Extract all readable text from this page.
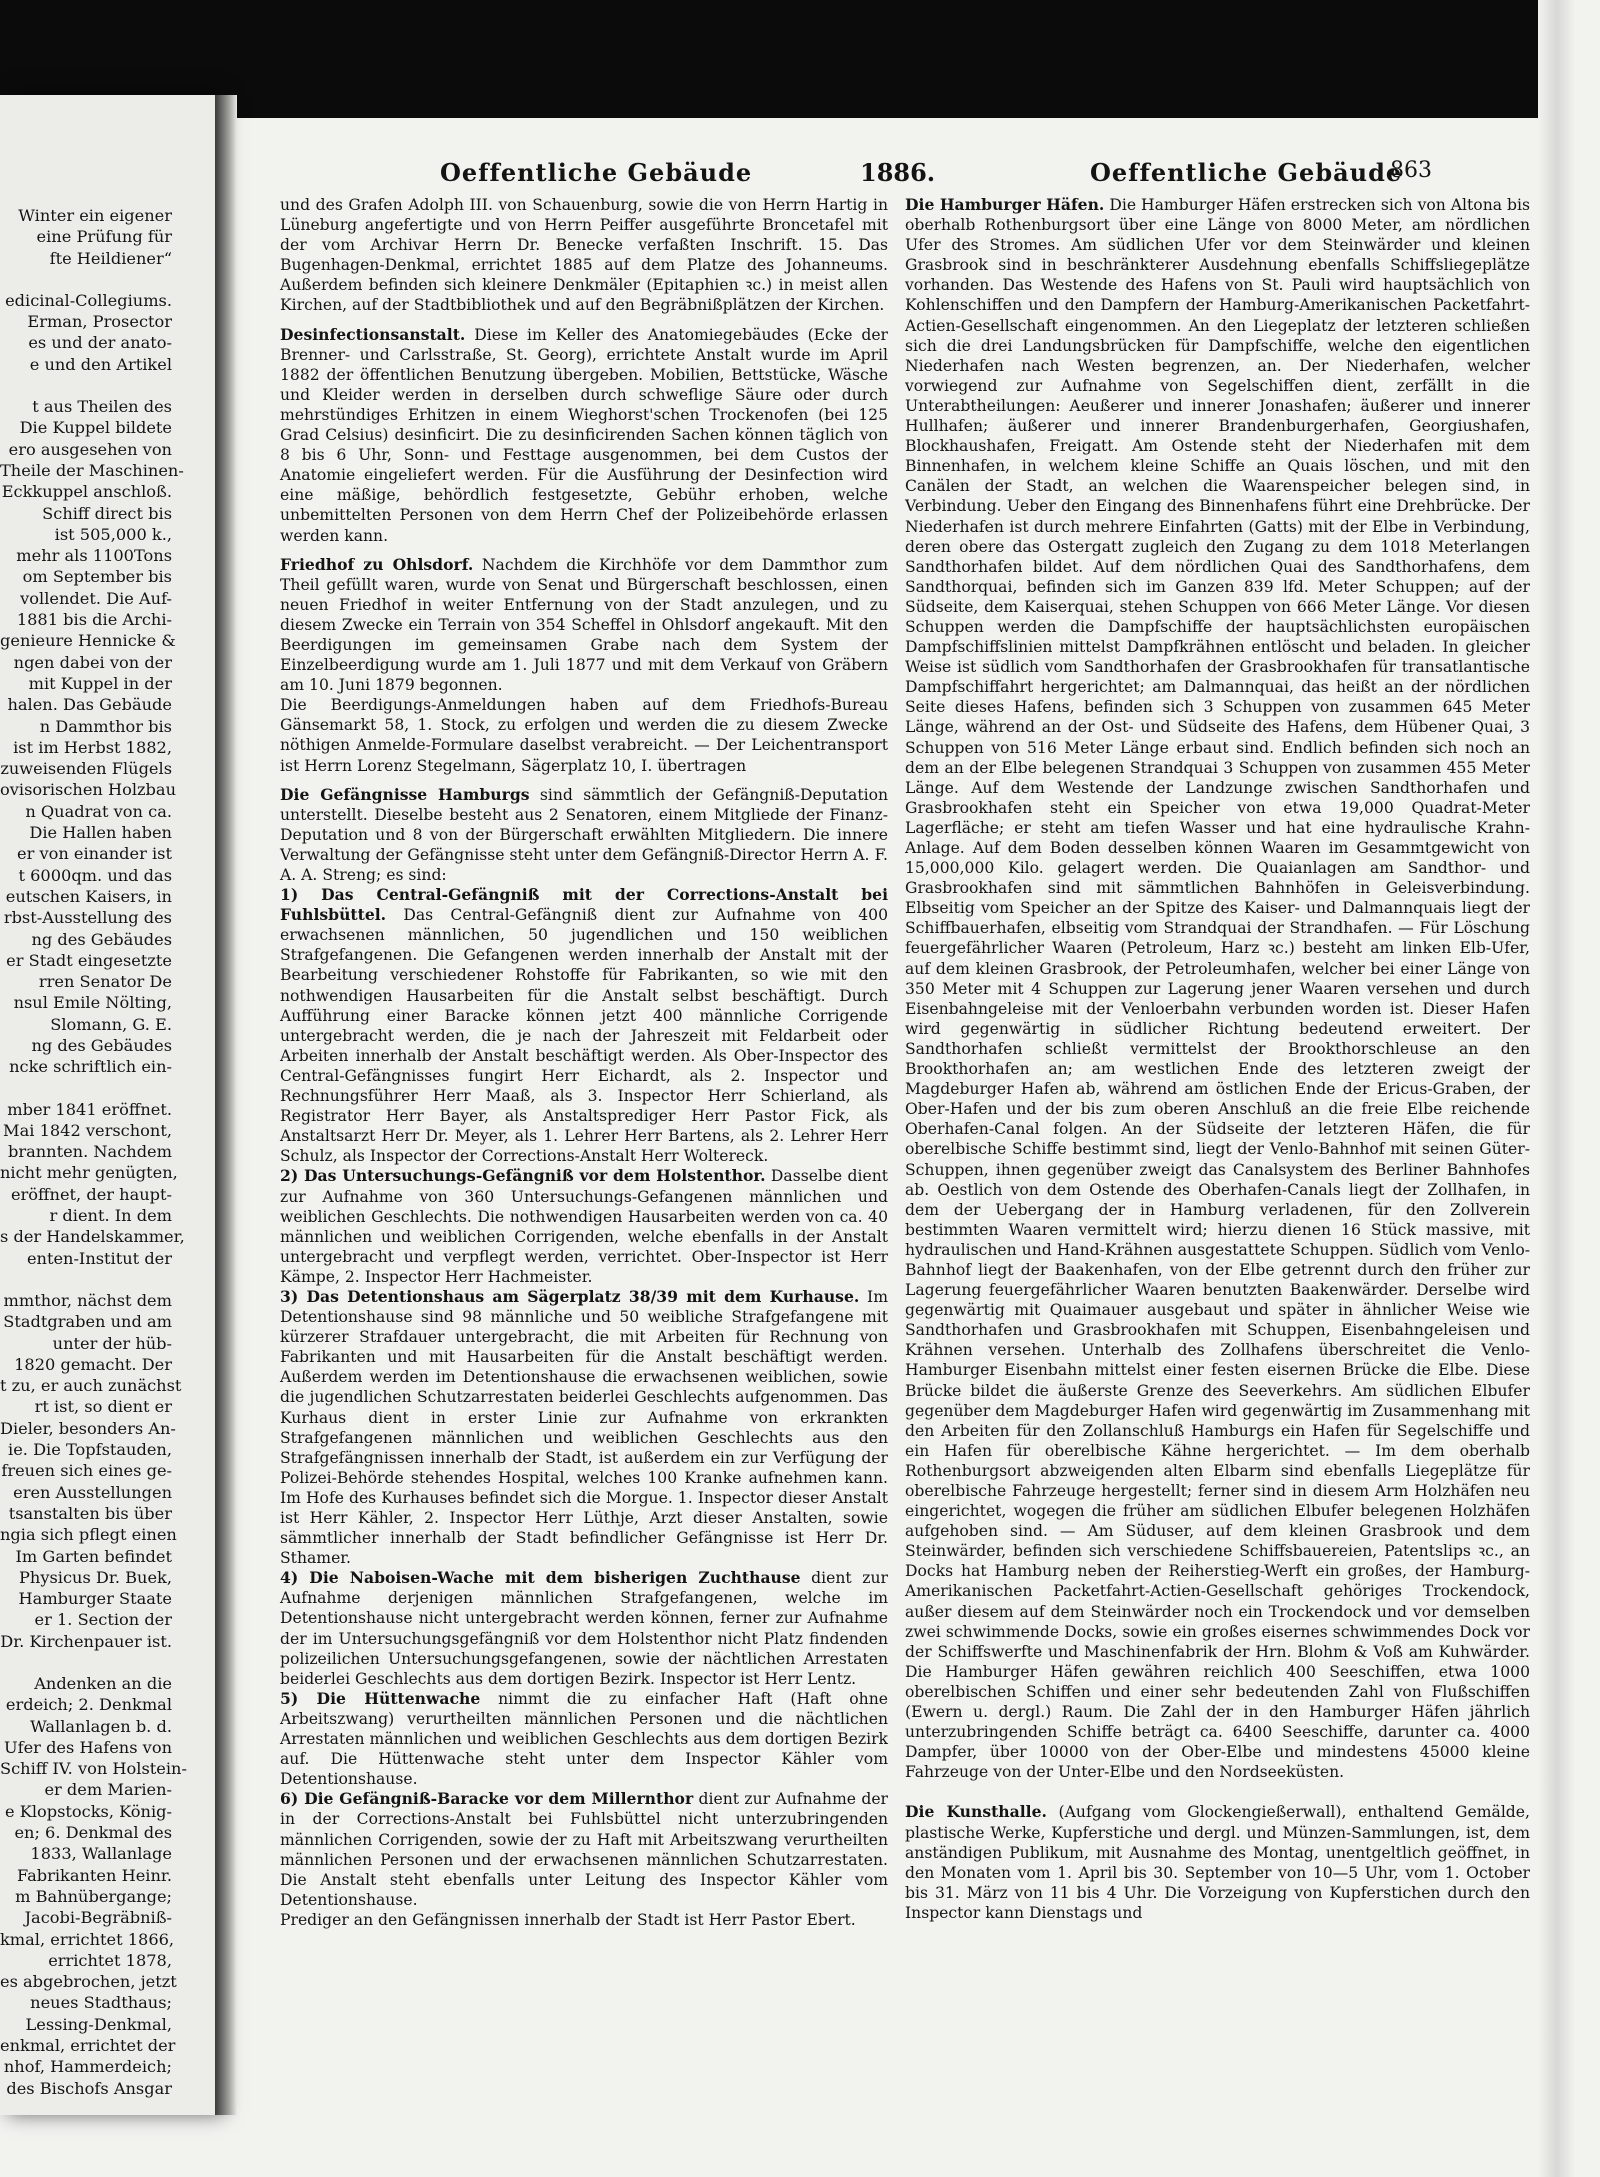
Winter ein eigener
eine Prüfung für
fte Heildiener“
edicinal-Collegiums.
Erman, Prosector
es und der anato-
e und den Artikel
t aus Theilen des
Die Kuppel bildete
ero ausgesehen von
Theile der Maschinen-
Eckkuppel anschloß.
Schiff direct bis
ist 505,000 k.,
mehr als 1100Tons
om September bis
vollendet. Die Auf-
1881 bis die Archi-
genieure Hennicke &
ngen dabei von der
mit Kuppel in der
halen. Das Gebäude
n Dammthor bis
ist im Herbst 1882,
zuweisenden Flügels
ovisorischen Holzbau
n Quadrat von ca.
Die Hallen haben
er von einander ist
t 6000qm. und das
eutschen Kaisers, in
rbst-Ausstellung des
ng des Gebäudes
er Stadt eingesetzte
rren Senator De
nsul Emile Nölting,
Slomann, G. E.
ng des Gebäudes
ncke schriftlich ein-
mber 1841 eröffnet.
Mai 1842 verschont,
brannten. Nachdem
nicht mehr genügten,
eröffnet, der haupt-
r dient. In dem
s der Handelskammer,
enten-Institut der
mmthor, nächst dem
Stadtgraben und am
unter der hüb-
1820 gemacht. Der
t zu, er auch zunächst
rt ist, so dient er
Dieler, besonders An-
ie. Die Topfstauden,
freuen sich eines ge-
eren Ausstellungen
tsanstalten bis über
ngia sich pflegt einen
Im Garten befindet
Physicus Dr. Buek,
Hamburger Staate
er 1. Section der
Dr. Kirchenpauer ist.
Andenken an die
erdeich; 2. Denkmal
Wallanlagen b. d.
Ufer des Hafens von
Schiff IV. von Holstein-
er dem Marien-
e Klopstocks, König-
en; 6. Denkmal des
1833, Wallanlage
Fabrikanten Heinr.
m Bahnübergange;
Jacobi-Begräbniß-
kmal, errichtet 1866,
errichtet 1878,
es abgebrochen, jetzt
neues Stadthaus;
Lessing-Denkmal,
enkmal, errichtet der
nhof, Hammerdeich;
des Bischofs Ansgar
Oeffentliche Gebäude	1886.	Oeffentliche Gebäude
863

und des Grafen Adolph III. von Schauenburg, sowie die von Herrn Hartig in Lüneburg angefertigte und von Herrn Peiffer ausgeführte Broncetafel mit der vom Archivar Herrn Dr. Benecke verfaßten Inschrift. 15. Das Bugenhagen-Denkmal, errichtet 1885 auf dem Platze des Johanneums. Außerdem befinden sich kleinere Denkmäler (Epitaphien ꝛc.) in meist allen Kirchen, auf der Stadtbibliothek und auf den Begräbnißplätzen der Kirchen.

Desinfectionsanstalt. Diese im Keller des Anatomiegebäudes (Ecke der Brenner- und Carlsstraße, St. Georg), errichtete Anstalt wurde im April 1882 der öffentlichen Benutzung übergeben. Mobilien, Bettstücke, Wäsche und Kleider werden in derselben durch schweflige Säure oder durch mehrstündiges Erhitzen in einem Wieghorst'schen Trockenofen (bei 125 Grad Celsius) desinficirt. Die zu desinficirenden Sachen können täglich von 8 bis 6 Uhr, Sonn- und Festtage ausgenommen, bei dem Custos der Anatomie eingeliefert werden. Für die Ausführung der Desinfection wird eine mäßige, behördlich festgesetzte, Gebühr erhoben, welche unbemittelten Personen von dem Herrn Chef der Polizeibehörde erlassen werden kann.

Friedhof zu Ohlsdorf. Nachdem die Kirchhöfe vor dem Dammthor zum Theil gefüllt waren, wurde von Senat und Bürgerschaft beschlossen, einen neuen Friedhof in weiter Entfernung von der Stadt anzulegen, und zu diesem Zwecke ein Terrain von 354 Scheffel in Ohlsdorf angekauft. Mit den Beerdigungen im gemeinsamen Grabe nach dem System der Einzelbeerdigung wurde am 1. Juli 1877 und mit dem Verkauf von Gräbern am 10. Juni 1879 begonnen.

Die Beerdigungs-Anmeldungen haben auf dem Friedhofs-Bureau Gänsemarkt 58, 1. Stock, zu erfolgen und werden die zu diesem Zwecke nöthigen Anmelde-Formulare daselbst verabreicht. — Der Leichentransport ist Herrn Lorenz Stegelmann, Sägerplatz 10, I. übertragen

Die Gefängnisse Hamburgs sind sämmtlich der Gefängniß-Deputation unterstellt. Dieselbe besteht aus 2 Senatoren, einem Mitgliede der Finanz-Deputation und 8 von der Bürgerschaft erwählten Mitgliedern. Die innere Verwaltung der Gefängnisse steht unter dem Gefängniß-Director Herrn A. F. A. A. Streng; es sind:

1) Das Central-Gefängniß mit der Corrections-Anstalt bei Fuhlsbüttel. Das Central-Gefängniß dient zur Aufnahme von 400 erwachsenen männlichen, 50 jugendlichen und 150 weiblichen Strafgefangenen. Die Gefangenen werden innerhalb der Anstalt mit der Bearbeitung verschiedener Rohstoffe für Fabrikanten, so wie mit den nothwendigen Hausarbeiten für die Anstalt selbst beschäftigt. Durch Aufführung einer Baracke können jetzt 400 männliche Corrigende untergebracht werden, die je nach der Jahreszeit mit Feldarbeit oder Arbeiten innerhalb der Anstalt beschäftigt werden. Als Ober-Inspector des Central-Gefängnisses fungirt Herr Eichardt, als 2. Inspector und Rechnungsführer Herr Maaß, als 3. Inspector Herr Schierland, als Registrator Herr Bayer, als Anstaltsprediger Herr Pastor Fick, als Anstaltsarzt Herr Dr. Meyer, als 1. Lehrer Herr Bartens, als 2. Lehrer Herr Schulz, als Inspector der Corrections-Anstalt Herr Woltereck.

2) Das Untersuchungs-Gefängniß vor dem Holstenthor. Dasselbe dient zur Aufnahme von 360 Untersuchungs-Gefangenen männlichen und weiblichen Geschlechts. Die nothwendigen Hausarbeiten werden von ca. 40 männlichen und weiblichen Corrigenden, welche ebenfalls in der Anstalt untergebracht und verpflegt werden, verrichtet. Ober-Inspector ist Herr Kämpe, 2. Inspector Herr Hachmeister.

3) Das Detentionshaus am Sägerplatz 38/39 mit dem Kurhause. Im Detentionshause sind 98 männliche und 50 weibliche Strafgefangene mit kürzerer Strafdauer untergebracht, die mit Arbeiten für Rechnung von Fabrikanten und mit Hausarbeiten für die Anstalt beschäftigt werden. Außerdem werden im Detentionshause die erwachsenen weiblichen, sowie die jugendlichen Schutzarrestaten beiderlei Geschlechts aufgenommen. Das Kurhaus dient in erster Linie zur Aufnahme von erkrankten Strafgefangenen männlichen und weiblichen Geschlechts aus den Strafgefängnissen innerhalb der Stadt, ist außerdem ein zur Verfügung der Polizei-Behörde stehendes Hospital, welches 100 Kranke aufnehmen kann. Im Hofe des Kurhauses befindet sich die Morgue. 1. Inspector dieser Anstalt ist Herr Kähler, 2. Inspector Herr Lüthje, Arzt dieser Anstalten, sowie sämmtlicher innerhalb der Stadt befindlicher Gefängnisse ist Herr Dr. Sthamer.

4) Die Naboisen-Wache mit dem bisherigen Zuchthause dient zur Aufnahme derjenigen männlichen Strafgefangenen, welche im Detentionshause nicht untergebracht werden können, ferner zur Aufnahme der im Untersuchungsgefängniß vor dem Holstenthor nicht Platz findenden polizeilichen Untersuchungsgefangenen, sowie der nächtlichen Arrestaten beiderlei Geschlechts aus dem dortigen Bezirk. Inspector ist Herr Lentz.

5) Die Hüttenwache nimmt die zu einfacher Haft (Haft ohne Arbeitszwang) verurtheilten männlichen Personen und die nächtlichen Arrestaten männlichen und weiblichen Geschlechts aus dem dortigen Bezirk auf. Die Hüttenwache steht unter dem Inspector Kähler vom Detentionshause.

6) Die Gefängniß-Baracke vor dem Millernthor dient zur Aufnahme der in der Corrections-Anstalt bei Fuhlsbüttel nicht unterzubringenden männlichen Corrigenden, sowie der zu Haft mit Arbeitszwang verurtheilten männlichen Personen und der erwachsenen männlichen Schutzarrestaten. Die Anstalt steht ebenfalls unter Leitung des Inspector Kähler vom Detentionshause.

Prediger an den Gefängnissen innerhalb der Stadt ist Herr Pastor Ebert.

Die Hamburger Häfen. Die Hamburger Häfen erstrecken sich von Altona bis oberhalb Rothenburgsort über eine Länge von 8000 Meter, am nördlichen Ufer des Stromes. Am südlichen Ufer vor dem Steinwärder und kleinen Grasbrook sind in beschränkterer Ausdehnung ebenfalls Schiffsliegeplätze vorhanden. Das Westende des Hafens von St. Pauli wird hauptsächlich von Kohlenschiffen und den Dampfern der Hamburg-Amerikanischen Packetfahrt-Actien-Gesellschaft eingenommen. An den Liegeplatz der letzteren schließen sich die drei Landungsbrücken für Dampfschiffe, welche den eigentlichen Niederhafen nach Westen begrenzen, an. Der Niederhafen, welcher vorwiegend zur Aufnahme von Segelschiffen dient, zerfällt in die Unterabtheilungen: Aeußerer und innerer Jonashafen; äußerer und innerer Hullhafen; äußerer und innerer Brandenburgerhafen, Georgiushafen, Blockhaushafen, Freigatt. Am Ostende steht der Niederhafen mit dem Binnenhafen, in welchem kleine Schiffe an Quais löschen, und mit den Canälen der Stadt, an welchen die Waarenspeicher belegen sind, in Verbindung. Ueber den Eingang des Binnenhafens führt eine Drehbrücke. Der Niederhafen ist durch mehrere Einfahrten (Gatts) mit der Elbe in Verbindung, deren obere das Ostergatt zugleich den Zugang zu dem 1018 Meterlangen Sandthorhafen bildet. Auf dem nördlichen Quai des Sandthorhafens, dem Sandthorquai, befinden sich im Ganzen 839 lfd. Meter Schuppen; auf der Südseite, dem Kaiserquai, stehen Schuppen von 666 Meter Länge. Vor diesen Schuppen werden die Dampfschiffe der hauptsächlichsten europäischen Dampfschiffslinien mittelst Dampfkrähnen entlöscht und beladen. In gleicher Weise ist südlich vom Sandthorhafen der Grasbrookhafen für transatlantische Dampfschiffahrt hergerichtet; am Dalmannquai, das heißt an der nördlichen Seite dieses Hafens, befinden sich 3 Schuppen von zusammen 645 Meter Länge, während an der Ost- und Südseite des Hafens, dem Hübener Quai, 3 Schuppen von 516 Meter Länge erbaut sind. Endlich befinden sich noch an dem an der Elbe belegenen Strandquai 3 Schuppen von zusammen 455 Meter Länge. Auf dem Westende der Landzunge zwischen Sandthorhafen und Grasbrookhafen steht ein Speicher von etwa 19,000 Quadrat-Meter Lagerfläche; er steht am tiefen Wasser und hat eine hydraulische Krahn-Anlage. Auf dem Boden desselben können Waaren im Gesammtgewicht von 15,000,000 Kilo. gelagert werden. Die Quaianlagen am Sandthor- und Grasbrookhafen sind mit sämmtlichen Bahnhöfen in Geleisverbindung. Elbseitig vom Speicher an der Spitze des Kaiser- und Dalmannquais liegt der Schiffbauerhafen, elbseitig vom Strandquai der Strandhafen. — Für Löschung feuergefährlicher Waaren (Petroleum, Harz ꝛc.) besteht am linken Elb-Ufer, auf dem kleinen Grasbrook, der Petroleumhafen, welcher bei einer Länge von 350 Meter mit 4 Schuppen zur Lagerung jener Waaren versehen und durch Eisenbahngeleise mit der Venloerbahn verbunden worden ist. Dieser Hafen wird gegenwärtig in südlicher Richtung bedeutend erweitert. Der Sandthorhafen schließt vermittelst der Brookthorschleuse an den Brookthorhafen an; am westlichen Ende des letzteren zweigt der Magdeburger Hafen ab, während am östlichen Ende der Ericus-Graben, der Ober-Hafen und der bis zum oberen Anschluß an die freie Elbe reichende Oberhafen-Canal folgen. An der Südseite der letzteren Häfen, die für oberelbische Schiffe bestimmt sind, liegt der Venlo-Bahnhof mit seinen Güter-Schuppen, ihnen gegenüber zweigt das Canalsystem des Berliner Bahnhofes ab. Oestlich von dem Ostende des Oberhafen-Canals liegt der Zollhafen, in dem der Uebergang der in Hamburg verladenen, für den Zollverein bestimmten Waaren vermittelt wird; hierzu dienen 16 Stück massive, mit hydraulischen und Hand-Krähnen ausgestattete Schuppen. Südlich vom Venlo-Bahnhof liegt der Baakenhafen, von der Elbe getrennt durch den früher zur Lagerung feuergefährlicher Waaren benutzten Baakenwärder. Derselbe wird gegenwärtig mit Quaimauer ausgebaut und später in ähnlicher Weise wie Sandthorhafen und Grasbrookhafen mit Schuppen, Eisenbahngeleisen und Krähnen versehen. Unterhalb des Zollhafens überschreitet die Venlo-Hamburger Eisenbahn mittelst einer festen eisernen Brücke die Elbe. Diese Brücke bildet die äußerste Grenze des Seeverkehrs. Am südlichen Elbufer gegenüber dem Magdeburger Hafen wird gegenwärtig im Zusammenhang mit den Arbeiten für den Zollanschluß Hamburgs ein Hafen für Segelschiffe und ein Hafen für oberelbische Kähne hergerichtet. — Im dem oberhalb Rothenburgsort abzweigenden alten Elbarm sind ebenfalls Liegeplätze für oberelbische Fahrzeuge hergestellt; ferner sind in diesem Arm Holzhäfen neu eingerichtet, wogegen die früher am südlichen Elbufer belegenen Holzhäfen aufgehoben sind. — Am Süduser, auf dem kleinen Grasbrook und dem Steinwärder, befinden sich verschiedene Schiffsbauereien, Patentslips ꝛc., an Docks hat Hamburg neben der Reiherstieg-Werft ein großes, der Hamburg-Amerikanischen Packetfahrt-Actien-Gesellschaft gehöriges Trockendock, außer diesem auf dem Steinwärder noch ein Trockendock und vor demselben zwei schwimmende Docks, sowie ein großes eisernes schwimmendes Dock vor der Schiffswerfte und Maschinenfabrik der Hrn. Blohm & Voß am Kuhwärder. Die Hamburger Häfen gewähren reichlich 400 Seeschiffen, etwa 1000 oberelbischen Schiffen und einer sehr bedeutenden Zahl von Flußschiffen (Ewern u. dergl.) Raum. Die Zahl der in den Hamburger Häfen jährlich unterzubringenden Schiffe beträgt ca. 6400 Seeschiffe, darunter ca. 4000 Dampfer, über 10000 von der Ober-Elbe und mindestens 45000 kleine Fahrzeuge von der Unter-Elbe und den Nordseeküsten.

Die Kunsthalle. (Aufgang vom Glockengießerwall), enthaltend Gemälde, plastische Werke, Kupferstiche und dergl. und Münzen-Sammlungen, ist, dem anständigen Publikum, mit Ausnahme des Montag, unentgeltlich geöffnet, in den Monaten vom 1. April bis 30. September von 10—5 Uhr, vom 1. October bis 31. März von 11 bis 4 Uhr. Die Vorzeigung von Kupferstichen durch den Inspector kann Dienstags und
